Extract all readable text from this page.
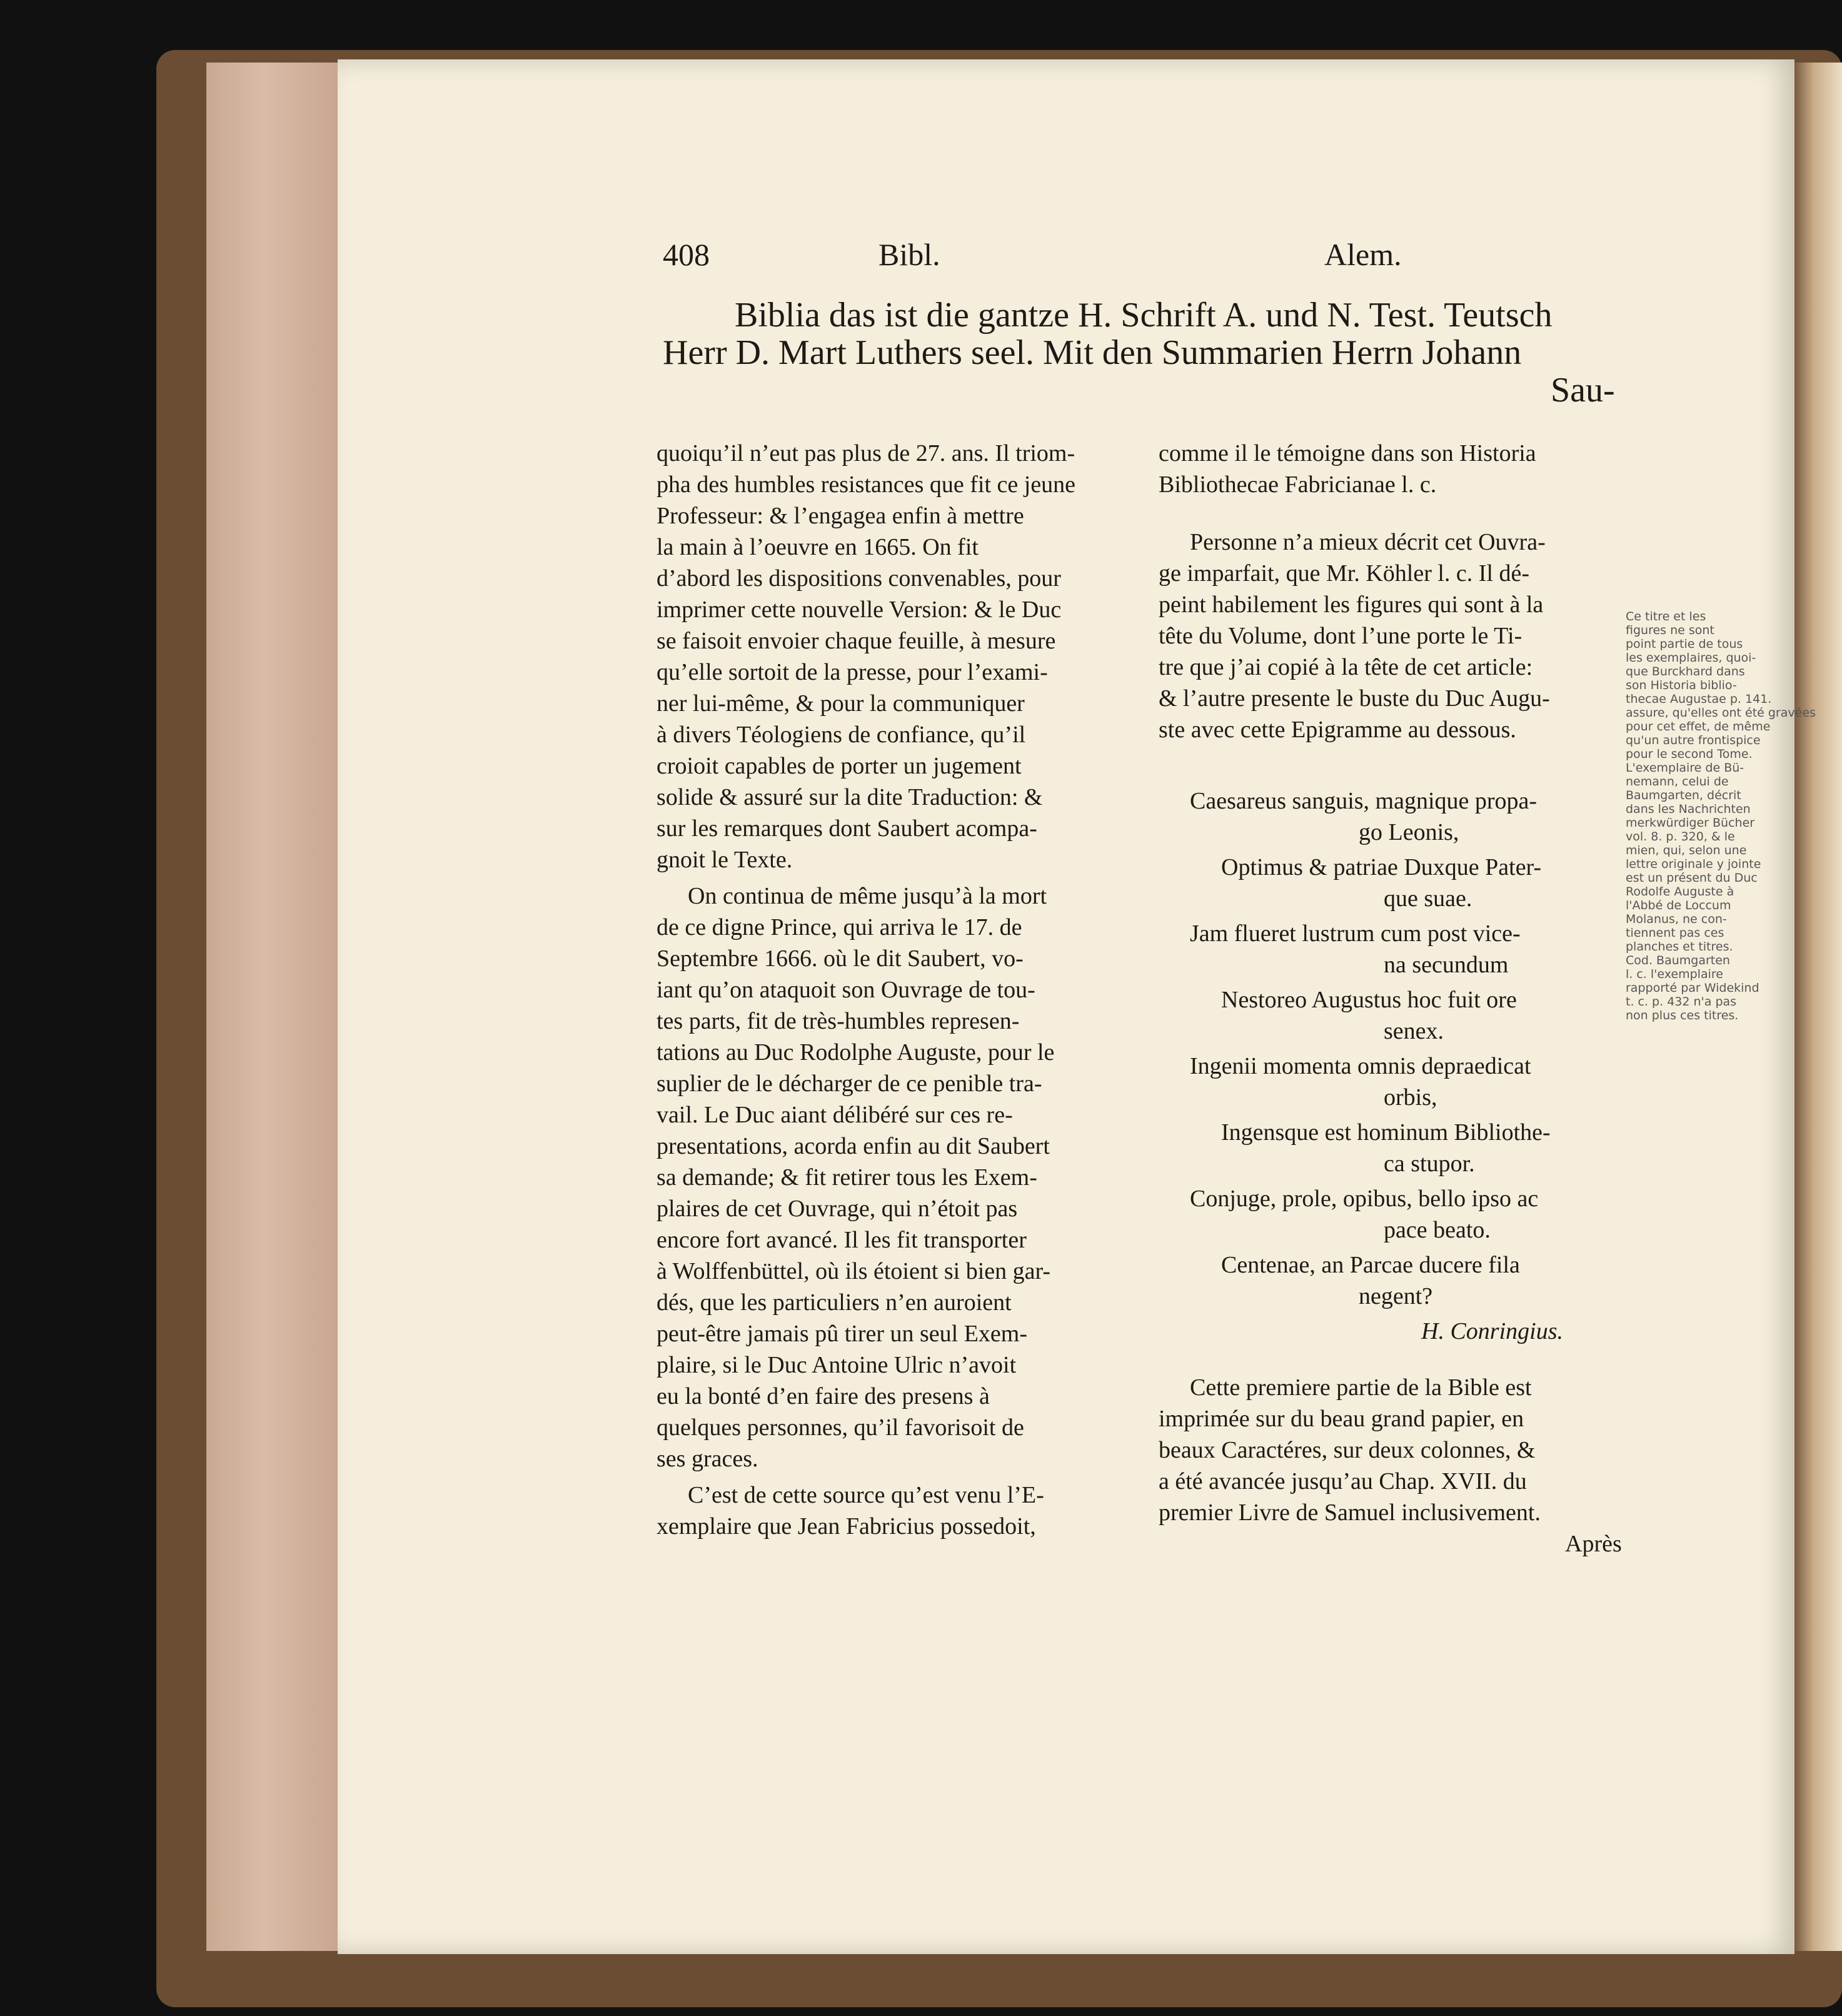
408	Bibl.	Alem.
Biblia das ist die gantze H. Schrift A. und N. Test. Teutsch
Herr D. Mart Luthers seel. Mit den Summarien Herrn Johann
Sau-
quoiqu’il n’eut pas plus de 27. ans. Il triom-
pha des humbles resistances que fit ce jeune
Professeur: & l’engagea enfin à mettre
la main à l’oeuvre en 1665. On fit
d’abord les dispositions convenables, pour
imprimer cette nouvelle Version: & le Duc
se faisoit envoier chaque feuille, à mesure
qu’elle sortoit de la presse, pour l’exami-
ner lui-même, & pour la communiquer
à divers Téologiens de confiance, qu’il
croioit capables de porter un jugement
solide & assuré sur la dite Traduction: &
sur les remarques dont Saubert acompa-
gnoit le Texte.
On continua de même jusqu’à la mort
de ce digne Prince, qui arriva le 17. de
Septembre 1666. où le dit Saubert, vo-
iant qu’on ataquoit son Ouvrage de tou-
tes parts, fit de très-humbles represen-
tations au Duc Rodolphe Auguste, pour le
suplier de le décharger de ce penible tra-
vail. Le Duc aiant délibéré sur ces re-
presentations, acorda enfin au dit Saubert
sa demande; & fit retirer tous les Exem-
plaires de cet Ouvrage, qui n’étoit pas
encore fort avancé. Il les fit transporter
à Wolffenbüttel, où ils étoient si bien gar-
dés, que les particuliers n’en auroient
peut-être jamais pû tirer un seul Exem-
plaire, si le Duc Antoine Ulric n’avoit
eu la bonté d’en faire des presens à
quelques personnes, qu’il favorisoit de
ses graces.
C’est de cette source qu’est venu l’E-
xemplaire que Jean Fabricius possedoit,
comme il le témoigne dans son Historia
Bibliothecae Fabricianae l. c.
Personne n’a mieux décrit cet Ouvra-
ge imparfait, que Mr. Köhler l. c. Il dé-
peint habilement les figures qui sont à la
tête du Volume, dont l’une porte le Ti-
tre que j’ai copié à la tête de cet article:
& l’autre presente le buste du Duc Augu-
ste avec cette Epigramme au dessous.
Caesareus sanguis, magnique propa-
go Leonis,
Optimus & patriae Duxque Pater-
que suae.
Jam flueret lustrum cum post vice-
na secundum
Nestoreo Augustus hoc fuit ore
senex.
Ingenii momenta omnis depraedicat
orbis,
Ingensque est hominum Bibliothe-
ca stupor.
Conjuge, prole, opibus, bello ipso ac
pace beato.
Centenae, an Parcae ducere fila
negent?
H. Conringius.
Cette premiere partie de la Bible est
imprimée sur du beau grand papier, en
beaux Caractéres, sur deux colonnes, &
a été avancée jusqu’au Chap. XVII. du
premier Livre de Samuel inclusivement.
Après
Ce titre et les
figures ne sont
point partie de tous
les exemplaires, quoi-
que Burckhard dans
son Historia biblio-
thecae Augustae p. 141.
assure, qu'elles ont été gravées
pour cet effet, de même
qu'un autre frontispice
pour le second Tome.
L'exemplaire de Bü-
nemann, celui de
Baumgarten, décrit
dans les Nachrichten
merkwürdiger Bücher
vol. 8. p. 320, & le
mien, qui, selon une
lettre originale y jointe
est un présent du Duc
Rodolfe Auguste à
l'Abbé de Loccum
Molanus, ne con-
tiennent pas ces
planches et titres.
Cod. Baumgarten
l. c. l'exemplaire
rapporté par Widekind
t. c. p. 432 n'a pas
non plus ces titres.
